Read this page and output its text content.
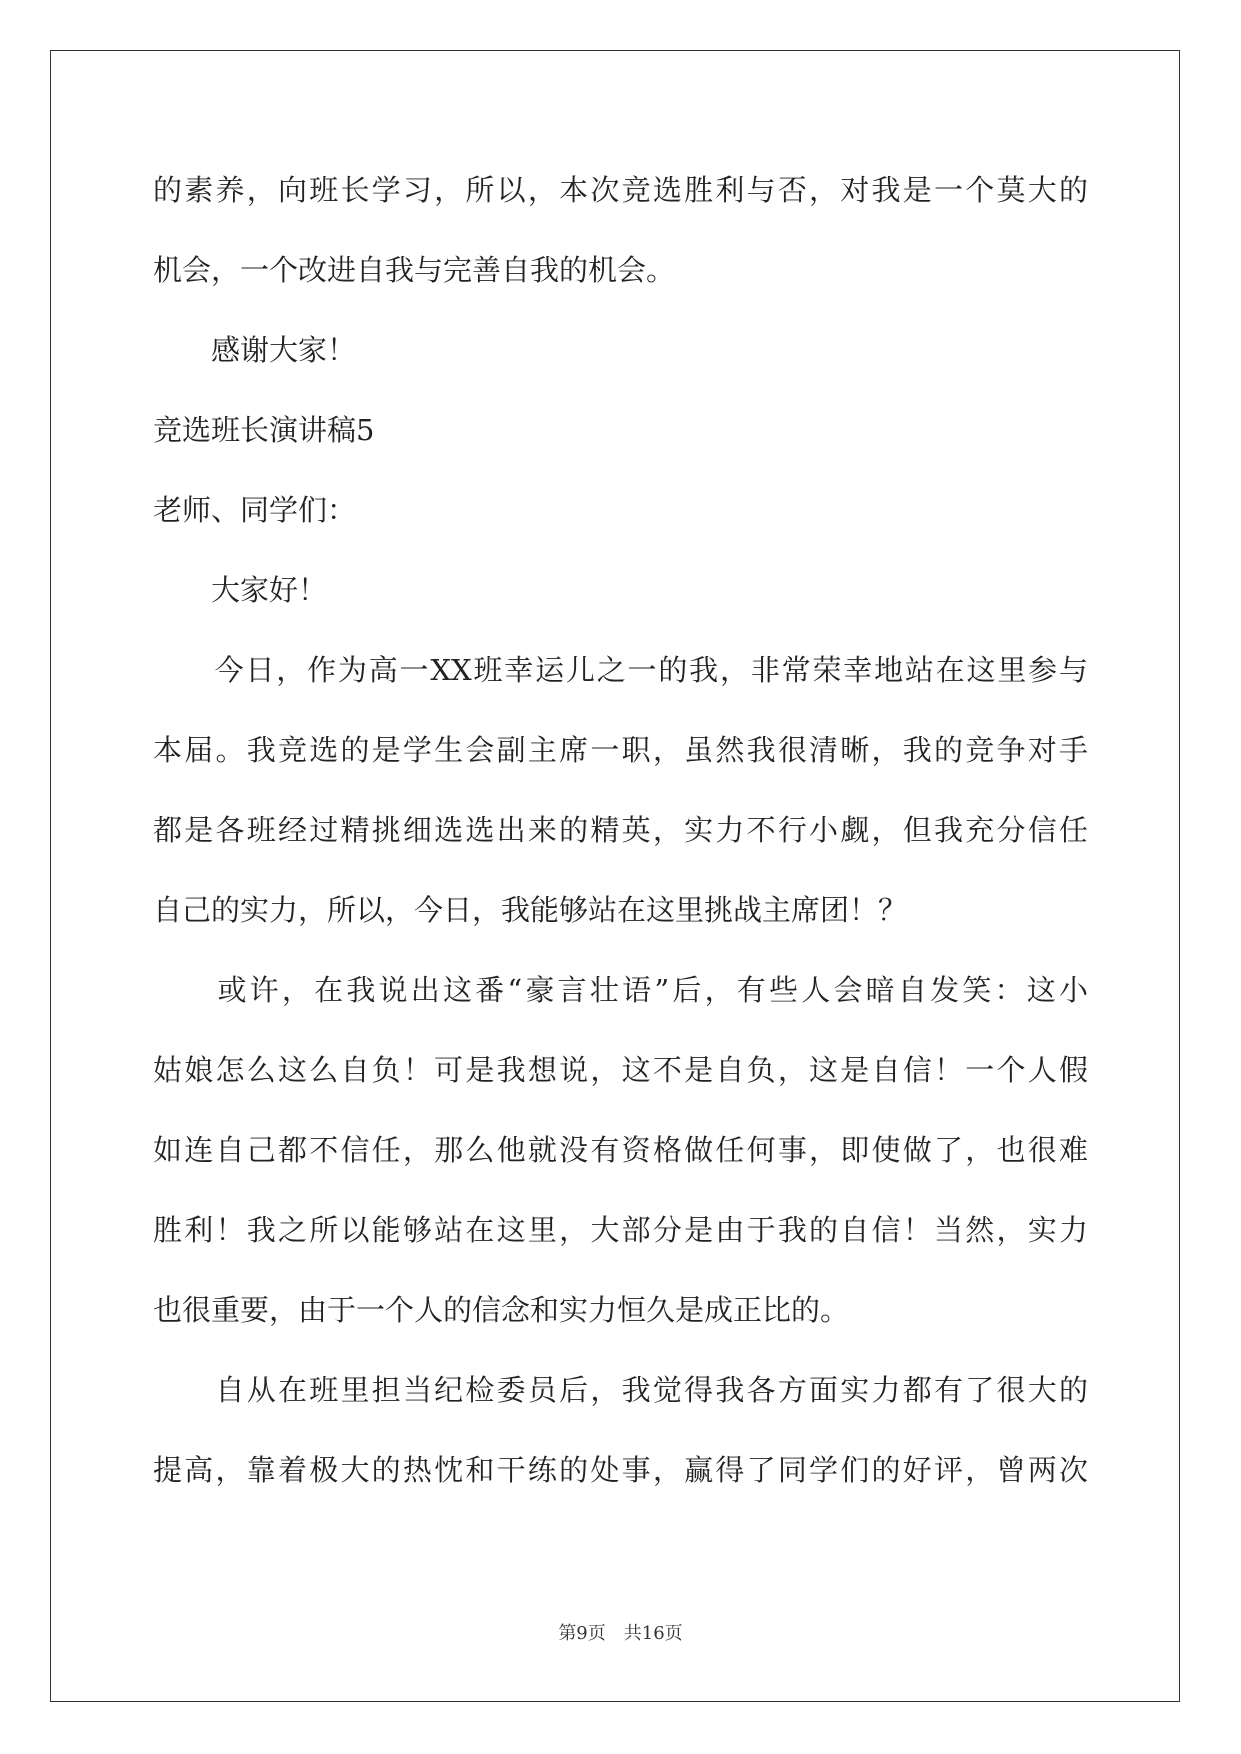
的素养，向班长学习，所以，本次竞选胜利与否，对我是一个莫大的
机会，一个改进自我与完善自我的机会。
　　感谢大家！
竞选班长演讲稿5
老师、同学们：
　　大家好！
　　今日，作为高一XX班幸运儿之一的我，非常荣幸地站在这里参与
本届。我竞选的是学生会副主席一职，虽然我很清晰，我的竞争对手
都是各班经过精挑细选选出来的精英，实力不行小觑，但我充分信任
自己的实力，所以，今日，我能够站在这里挑战主席团！？
　　或许，在我说出这番“豪言壮语”后，有些人会暗自发笑：这小
姑娘怎么这么自负！可是我想说，这不是自负，这是自信！一个人假
如连自己都不信任，那么他就没有资格做任何事，即使做了，也很难
胜利！我之所以能够站在这里，大部分是由于我的自信！当然，实力
也很重要，由于一个人的信念和实力恒久是成正比的。
　　自从在班里担当纪检委员后，我觉得我各方面实力都有了很大的
提高，靠着极大的热忱和干练的处事，赢得了同学们的好评，曾两次
第9页　共16页
